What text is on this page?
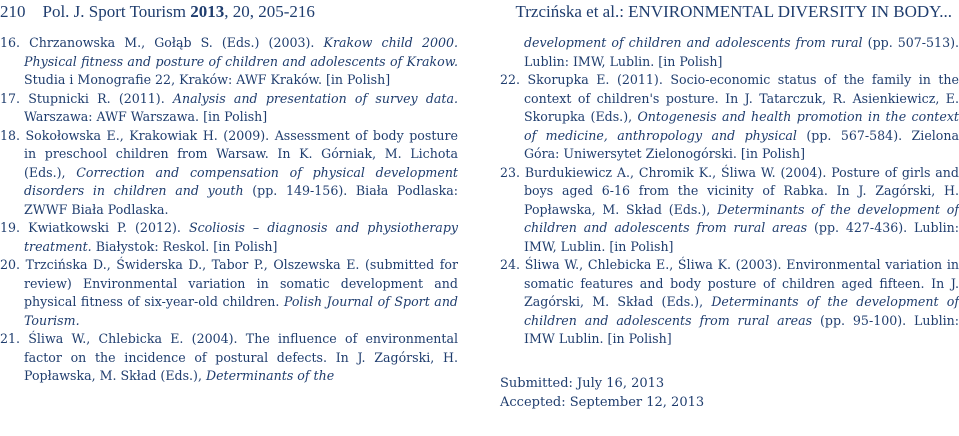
210 Pol. J. Sport Tourism 2013, 20, 205-216	Trzcińska et al.: ENVIRONMENTAL DIVERSITY IN BODY...

16. Chrzanowska M., Gołąb S. (Eds.) (2003). Krakow child 2000. Physical fitness and posture of children and adolescents of Krakow. Studia i Monografie 22, Kraków: AWF Kraków. [in Polish]

17. Stupnicki R. (2011). Analysis and presentation of survey data. Warszawa: AWF Warszawa. [in Polish]

18. Sokołowska E., Krakowiak H. (2009). Assessment of body posture in preschool children from Warsaw. In K. Górniak, M. Lichota (Eds.), Correction and compensation of physical development disorders in children and youth (pp. 149-156). Biała Podlaska: ZWWF Biała Podlaska.

19. Kwiatkowski P. (2012). Scoliosis – diagnosis and physiotherapy treatment. Białystok: Reskol. [in Polish]

20. Trzcińska D., Świderska D., Tabor P., Olszewska E. (submitted for review) Environmental variation in somatic development and physical fitness of six-year-old children. Polish Journal of Sport and Tourism.

21. Śliwa W., Chlebicka E. (2004). The influence of environmental factor on the incidence of postural defects. In J. Zagórski, H. Popławska, M. Skład (Eds.), Determinants of the

development of children and adolescents from rural (pp. 507-513). Lublin: IMW, Lublin. [in Polish]

22. Skorupka E. (2011). Socio-economic status of the family in the context of children's posture. In J. Tatarczuk, R. Asienkiewicz, E. Skorupka (Eds.), Ontogenesis and health promotion in the context of medicine, anthropology and physical (pp. 567-584). Zielona Góra: Uniwersytet Zielonogórski. [in Polish]

23. Burdukiewicz A., Chromik K., Śliwa W. (2004). Posture of girls and boys aged 6-16 from the vicinity of Rabka. In J. Zagórski, H. Popławska, M. Skład (Eds.), Determinants of the development of children and adolescents from rural areas (pp. 427-436). Lublin: IMW, Lublin. [in Polish]

24. Śliwa W., Chlebicka E., Śliwa K. (2003). Environmental variation in somatic features and body posture of children aged fifteen. In J. Zagórski, M. Skład (Eds.), Determinants of the development of children and adolescents from rural areas (pp. 95-100). Lublin: IMW Lublin. [in Polish]

Submitted: July 16, 2013
Accepted: September 12, 2013
